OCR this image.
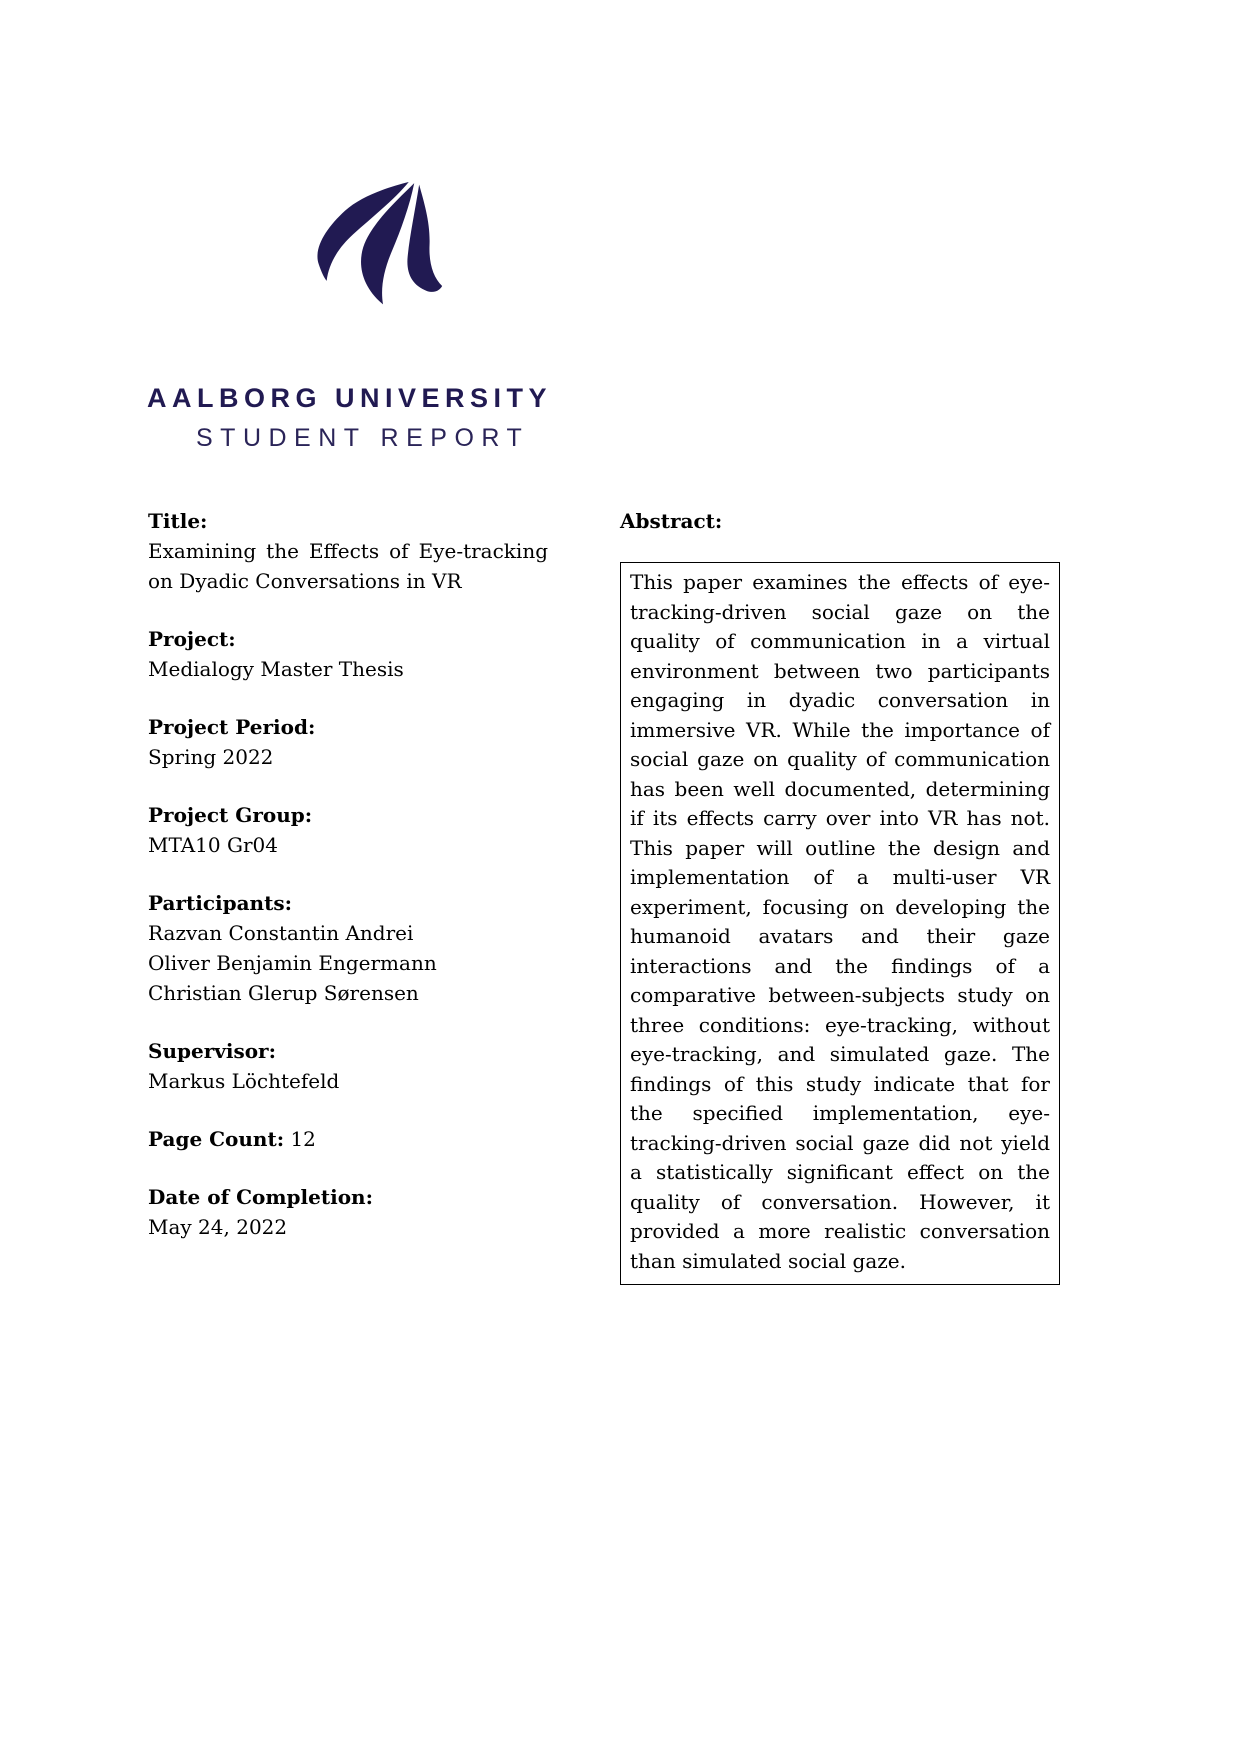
AALBORG UNIVERSITY
STUDENT REPORT
Title:
Examining the Effects of Eye-tracking on Dyadic Conversations in VR
Project:
Medialogy Master Thesis
Project Period:
Spring 2022
Project Group:
MTA10 Gr04
Participants:
Razvan Constantin Andrei
Oliver Benjamin Engermann
Christian Glerup Sørensen
Supervisor:
Markus Löchtefeld
Page Count: 12
Date of Completion:
May 24, 2022
Abstract:
This paper examines the effects of eye-tracking-driven social gaze on the quality of communication in a virtual environment between two participants engaging in dyadic conversation in immersive VR. While the importance of social gaze on quality of communication has been well documented, determining if its effects carry over into VR has not. This paper will outline the design and implementation of a multi-user VR experiment, focusing on developing the humanoid avatars and their gaze interactions and the findings of a comparative between-subjects study on three conditions: eye-tracking, without eye-tracking, and simulated gaze. The findings of this study indicate that for the specified implementation, eye-tracking-driven social gaze did not yield a statistically significant effect on the quality of conversation. However, it provided a more realistic conversation than simulated social gaze.
